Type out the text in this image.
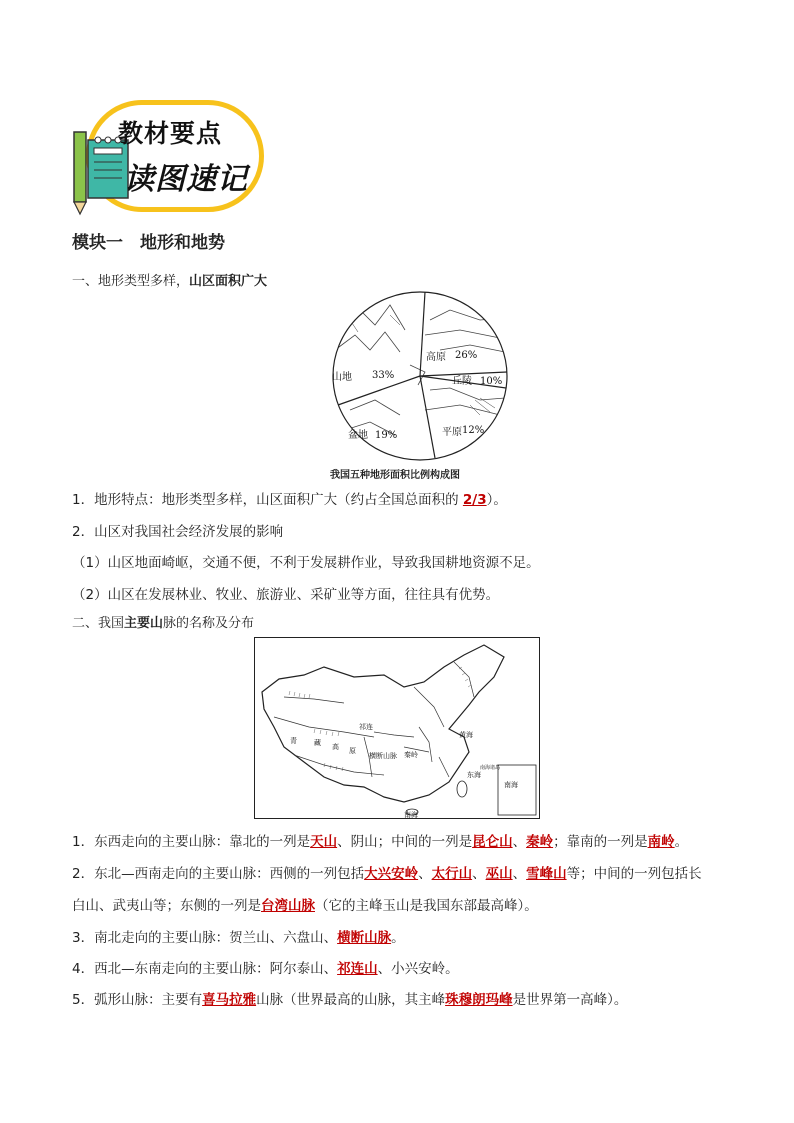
教材要点
读图速记
模块一　地形和地势
一、地形类型多样，山区面积广大
高原 26%
丘陵 10%
平原 12%
盆地 19%
山地 33%
我国五种地形面积比例构成图
1．地形特点：地形类型多样，山区面积广大（约占全国总面积的 2/3）。
2．山区对我国社会经济发展的影响
（1）山区地面崎岖，交通不便，不利于发展耕作业，导致我国耕地资源不足。
（2）山区在发展林业、牧业、旅游业、采矿业等方面，往往具有优势。
二、我国主要山脉的名称及分布
青 藏 高 原
横断山脉 秦岭
祁连
黄海
东海
南海
南海
南海诸岛
1．东西走向的主要山脉：靠北的一列是天山、阴山；中间的一列是昆仑山、秦岭；靠南的一列是南岭。
2．东北—西南走向的主要山脉：西侧的一列包括大兴安岭、太行山、巫山、雪峰山等；中间的一列包括长
白山、武夷山等；东侧的一列是台湾山脉（它的主峰玉山是我国东部最高峰）。
3．南北走向的主要山脉：贺兰山、六盘山、横断山脉。
4．西北—东南走向的主要山脉：阿尔泰山、祁连山、小兴安岭。
5．弧形山脉：主要有喜马拉雅山脉（世界最高的山脉，其主峰珠穆朗玛峰是世界第一高峰）。
